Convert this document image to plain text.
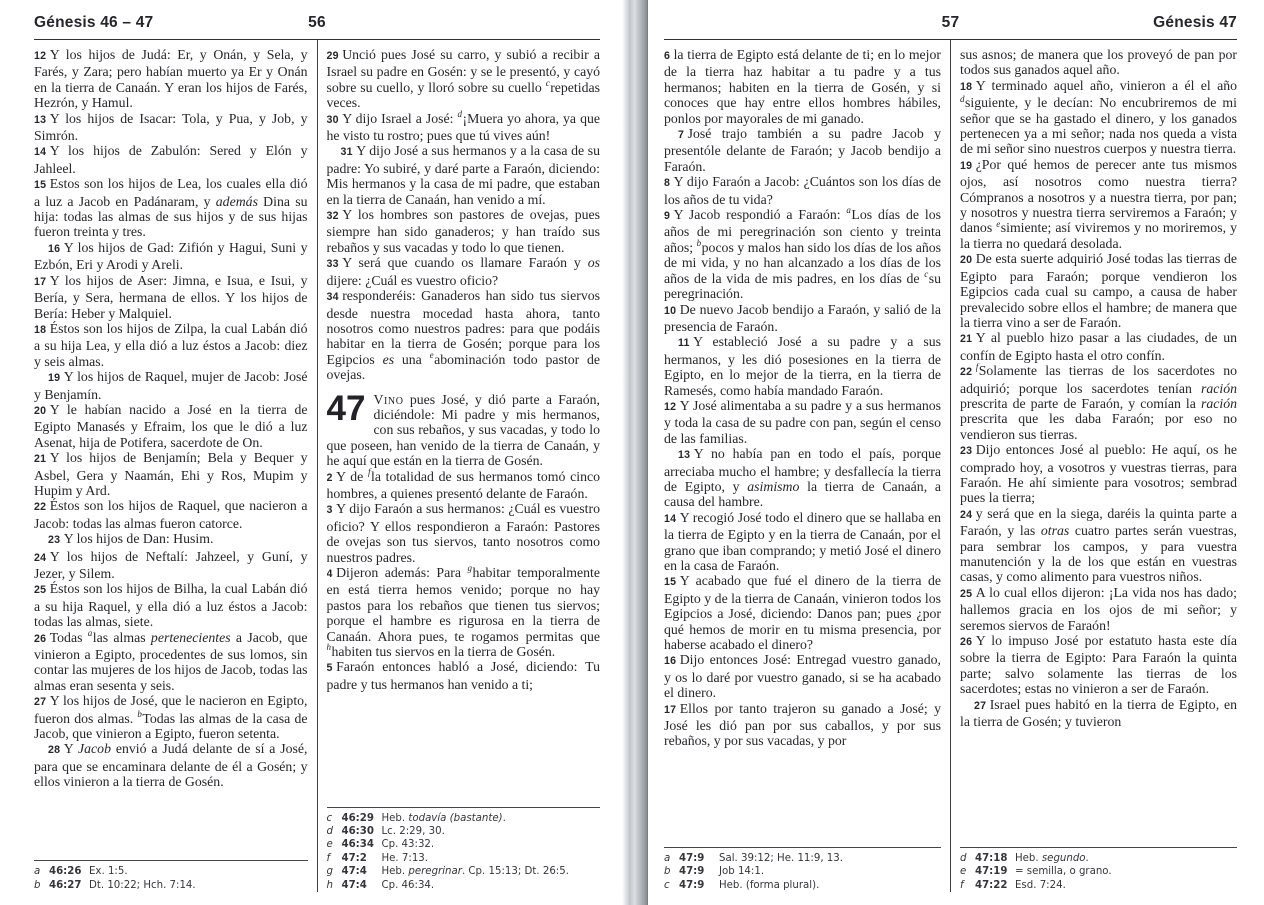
Génesis 46 – 47	56

12 Y los hijos de Judá: Er, y Onán, y Sela, y Farés, y Zara; pero habían muerto ya Er y Onán en la tierra de Canaán. Y eran los hijos de Farés, Hezrón, y Hamul.

13 Y los hijos de Isacar: Tola, y Pua, y Job, y Simrón.

14 Y los hijos de Zabulón: Sered y Elón y Jahleel.

15 Estos son los hijos de Lea, los cuales ella dió a luz a Jacob en Padánaram, y además Dina su hija: todas las almas de sus hijos y de sus hijas fueron treinta y tres.

16 Y los hijos de Gad: Zifión y Hagui, Suni y Ezbón, Eri y Arodi y Areli.

17 Y los hijos de Aser: Jimna, e Isua, e Isui, y Bería, y Sera, hermana de ellos. Y los hijos de Bería: Heber y Malquiel.

18 Éstos son los hijos de Zilpa, la cual Labán dió a su hija Lea, y ella dió a luz éstos a Jacob: diez y seis almas.

19 Y los hijos de Raquel, mujer de Jacob: José y Benjamín.

20 Y le habían nacido a José en la tierra de Egipto Manasés y Efraim, los que le dió a luz Asenat, hija de Potifera, sacerdote de On.

21 Y los hijos de Benjamín; Bela y Bequer y Asbel, Gera y Naamán, Ehi y Ros, Mupim y Hupim y Ard.

22 Éstos son los hijos de Raquel, que nacieron a Jacob: todas las almas fueron catorce.

23 Y los hijos de Dan: Husim.

24 Y los hijos de Neftalí: Jahzeel, y Guní, y Jezer, y Silem.

25 Éstos son los hijos de Bilha, la cual Labán dió a su hija Raquel, y ella dió a luz éstos a Jacob: todas las almas, siete.

26 Todas $^a$las almas pertenecientes a Jacob, que vinieron a Egipto, procedentes de sus lomos, sin contar las mujeres de los hijos de Jacob, todas las almas eran sesenta y seis.

27 Y los hijos de José, que le nacieron en Egipto, fueron dos almas. $^b$Todas las almas de la casa de Jacob, que vinieron a Egipto, fueron setenta.

28 Y Jacob envió a Judá delante de sí a José, para que se encaminara delante de él a Gosén; y ellos vinieron a la tierra de Gosén.

a 46:26 Ex. 1:5.
b 46:27 Dt. 10:22; Hch. 7:14.

29 Unció pues José su carro, y subió a recibir a Israel su padre en Gosén: y se le presentó, y cayó sobre su cuello, y lloró sobre su cuello $^c$repetidas veces.

30 Y dijo Israel a José: $^d$¡Muera yo ahora, ya que he visto tu rostro; pues que tú vives aún!

31 Y dijo José a sus hermanos y a la casa de su padre: Yo subiré, y daré parte a Faraón, diciendo: Mis hermanos y la casa de mi padre, que estaban en la tierra de Canaán, han venido a mí.

32 Y los hombres son pastores de ovejas, pues siempre han sido ganaderos; y han traído sus rebaños y sus vacadas y todo lo que tienen.

33 Y será que cuando os llamare Faraón y os dijere: ¿Cuál es vuestro oficio?

34 responderéis: Ganaderos han sido tus siervos desde nuestra mocedad hasta ahora, tanto nosotros como nuestros padres: para que podáis habitar en la tierra de Gosén; porque para los Egipcios es una $^e$abominación todo pastor de ovejas.

47 Vino pues José, y dió parte a Faraón, diciéndole: Mi padre y mis hermanos, con sus rebaños, y sus vacadas, y todo lo que poseen, han venido de la tierra de Canaán, y he aquí que están en la tierra de Gosén.

2 Y de $^f$la totalidad de sus hermanos tomó cinco hombres, a quienes presentó delante de Faraón.

3 Y dijo Faraón a sus hermanos: ¿Cuál es vuestro oficio? Y ellos respondieron a Faraón: Pastores de ovejas son tus siervos, tanto nosotros como nuestros padres.

4 Dijeron además: Para $^g$habitar temporalmente en está tierra hemos venido; porque no hay pastos para los rebaños que tienen tus siervos; porque el hambre es rigurosa en la tierra de Canaán. Ahora pues, te rogamos permitas que $^h$habiten tus siervos en la tierra de Gosén.

5 Faraón entonces habló a José, diciendo: Tu padre y tus hermanos han venido a ti;

c 46:29 Heb. todavía (bastante).
d 46:30 Lc. 2:29, 30.
e 46:34 Cp. 43:32.
f	47:2	He. 7:13.
g 47:4	Heb. peregrinar. Cp. 15:13; Dt. 26:5.
h 47:4	Cp. 46:34.
57	Génesis 47

6 la tierra de Egipto está delante de ti; en lo mejor de la tierra haz habitar a tu padre y a tus hermanos; habiten en la tierra de Gosén, y si conoces que hay entre ellos hombres hábiles, ponlos por mayorales de mi ganado.

7 José trajo también a su padre Jacob y presentóle delante de Faraón; y Jacob bendijo a Faraón.

8 Y dijo Faraón a Jacob: ¿Cuántos son los días de los años de tu vida?

9 Y Jacob respondió a Faraón: $^a$Los días de los años de mi peregrinación son ciento y treinta años; $^b$pocos y malos han sido los días de los años de mi vida, y no han alcanzado a los días de los años de la vida de mis padres, en los días de $^c$su peregrinación.

10 De nuevo Jacob bendijo a Faraón, y salió de la presencia de Faraón.

11 Y estableció José a su padre y a sus hermanos, y les dió posesiones en la tierra de Egipto, en lo mejor de la tierra, en la tierra de Ramesés, como había mandado Faraón.

12 Y José alimentaba a su padre y a sus hermanos y toda la casa de su padre con pan, según el censo de las familias.

13 Y no había pan en todo el país, porque arreciaba mucho el hambre; y desfallecía la tierra de Egipto, y asimismo la tierra de Canaán, a causa del hambre.

14 Y recogió José todo el dinero que se hallaba en la tierra de Egipto y en la tierra de Canaán, por el grano que iban comprando; y metió José el dinero en la casa de Faraón.

15 Y acabado que fué el dinero de la tierra de Egipto y de la tierra de Canaán, vinieron todos los Egipcios a José, diciendo: Danos pan; pues ¿por qué hemos de morir en tu misma presencia, por haberse acabado el dinero?

16 Dijo entonces José: Entregad vuestro ganado, y os lo daré por vuestro ganado, si se ha acabado el dinero.

17 Ellos por tanto trajeron su ganado a José; y José les dió pan por sus caballos, y por sus rebaños, y por sus vacadas, y por

a 47:9	Sal. 39:12; He. 11:9, 13.
b 47:9	Job 14:1.
c 47:9	Heb. (forma plural).

sus asnos; de manera que los proveyó de pan por todos sus ganados aquel año.

18 Y terminado aquel año, vinieron a él el año $^d$siguiente, y le decían: No encubriremos de mi señor que se ha gastado el dinero, y los ganados pertenecen ya a mi señor; nada nos queda a vista de mi señor sino nuestros cuerpos y nuestra tierra.

19 ¿Por qué hemos de perecer ante tus mismos ojos, así nosotros como nuestra tierra? Cómpranos a nosotros y a nuestra tierra, por pan; y nosotros y nuestra tierra serviremos a Faraón; y danos $^e$simiente; así viviremos y no moriremos, y la tierra no quedará desolada.

20 De esta suerte adquirió José todas las tierras de Egipto para Faraón; porque vendieron los Egipcios cada cual su campo, a causa de haber prevalecido sobre ellos el hambre; de manera que la tierra vino a ser de Faraón.

21 Y al pueblo hizo pasar a las ciudades, de un confín de Egipto hasta el otro confín.

22 $^f$Solamente las tierras de los sacerdotes no adquirió; porque los sacerdotes tenían ración prescrita de parte de Faraón, y comían la ración prescrita que les daba Faraón; por eso no vendieron sus tierras.

23 Dijo entonces José al pueblo: He aquí, os he comprado hoy, a vosotros y vuestras tierras, para Faraón. He ahí simiente para vosotros; sembrad pues la tierra;

24 y será que en la siega, daréis la quinta parte a Faraón, y las otras cuatro partes serán vuestras, para sembrar los campos, y para vuestra manutención y la de los que están en vuestras casas, y como alimento para vuestros niños.

25 A lo cual ellos dijeron: ¡La vida nos has dado; hallemos gracia en los ojos de mi señor; y seremos siervos de Faraón!

26 Y lo impuso José por estatuto hasta este día sobre la tierra de Egipto: Para Faraón la quinta parte; salvo solamente las tierras de los sacerdotes; estas no vinieron a ser de Faraón.

27 Israel pues habitó en la tierra de Egipto, en la tierra de Gosén; y tuvieron

d 47:18 Heb. segundo.
e 47:19 = semilla, o grano.
f	47:22 Esd. 7:24.
